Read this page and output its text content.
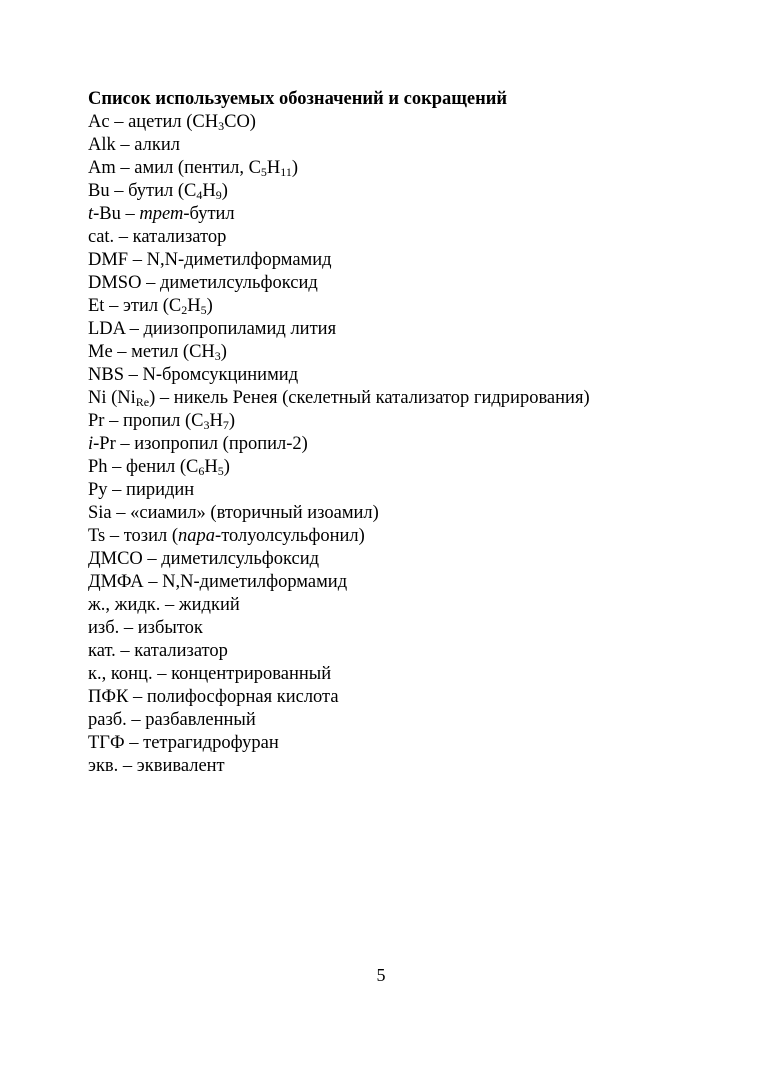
Список используемых обозначений и сокращений
Ac – ацетил $(CH_3CO)$
Alk – алкил
Am – амил (пентил, $C_5H_{11}$)
Bu – бутил $(C_4H_9)$
t-Bu – трет-бутил
cat. – катализатор
DMF – N,N-диметилформамид
DMSO – диметилсульфоксид
Et – этил $(C_2H_5)$
LDA – диизопропиламид лития
Me – метил $(CH_3)$
NBS – N-бромсукцинимид
Ni $(Ni_{Re})$ – никель Ренея (скелетный катализатор гидрирования)
Pr – пропил $(C_3H_7)$
i-Pr – изопропил (пропил-2)
Ph – фенил $(C_6H_5)$
Py – пиридин
Sia – «сиамил» (вторичный изоамил)
Ts – тозил (пара-толуолсульфонил)
ДМСО – диметилсульфоксид
ДМФА – N,N-диметилформамид
ж., жидк. – жидкий
изб. – избыток
кат. – катализатор
к., конц. – концентрированный
ПФК – полифосфорная кислота
разб. – разбавленный
ТГФ – тетрагидрофуран
экв. – эквивалент
5
